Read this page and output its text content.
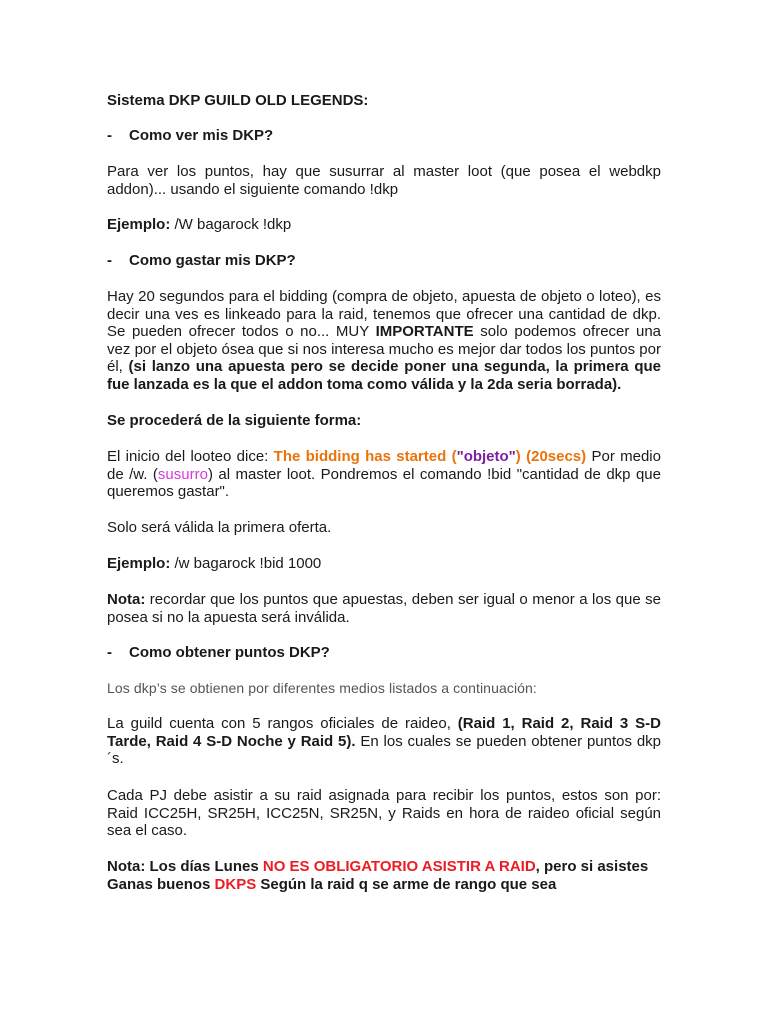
Sistema DKP GUILD OLD LEGENDS:

- Como ver mis DKP?

Para ver los puntos, hay que susurrar al master loot (que posea el webdkp addon)... usando el siguiente comando !dkp

Ejemplo: /W bagarock !dkp

- Como gastar mis DKP?

Hay 20 segundos para el bidding (compra de objeto, apuesta de objeto o loteo), es decir una ves es linkeado para la raid, tenemos que ofrecer una cantidad de dkp. Se pueden ofrecer todos o no... MUY IMPORTANTE solo podemos ofrecer una vez por el objeto ósea que si nos interesa mucho es mejor dar todos los puntos por él, (si lanzo una apuesta pero se decide poner una segunda, la primera que fue lanzada es la que el addon toma como válida y la 2da seria borrada).

Se procederá de la siguiente forma:

El inicio del looteo dice: The bidding has started ("objeto") (20secs) Por medio de /w. (susurro) al master loot. Pondremos el comando !bid "cantidad de dkp que queremos gastar".

Solo será válida la primera oferta.

Ejemplo: /w bagarock !bid 1000

Nota: recordar que los puntos que apuestas, deben ser igual o menor a los que se posea si no la apuesta será inválida.

- Como obtener puntos DKP?

Los dkp’s se obtienen por diferentes medios listados a continuación:

La guild cuenta con 5 rangos oficiales de raideo, (Raid 1, Raid 2, Raid 3 S-D Tarde, Raid 4 S-D Noche y Raid 5). En los cuales se pueden obtener puntos dkp´s.

Cada PJ debe asistir a su raid asignada para recibir los puntos, estos son por: Raid ICC25H, SR25H, ICC25N, SR25N, y Raids en hora de raideo oficial según sea el caso.

Nota: Los días Lunes NO ES OBLIGATORIO ASISTIR A RAID, pero si asistes Ganas buenos DKPS Según la raid q se arme de rango que sea
